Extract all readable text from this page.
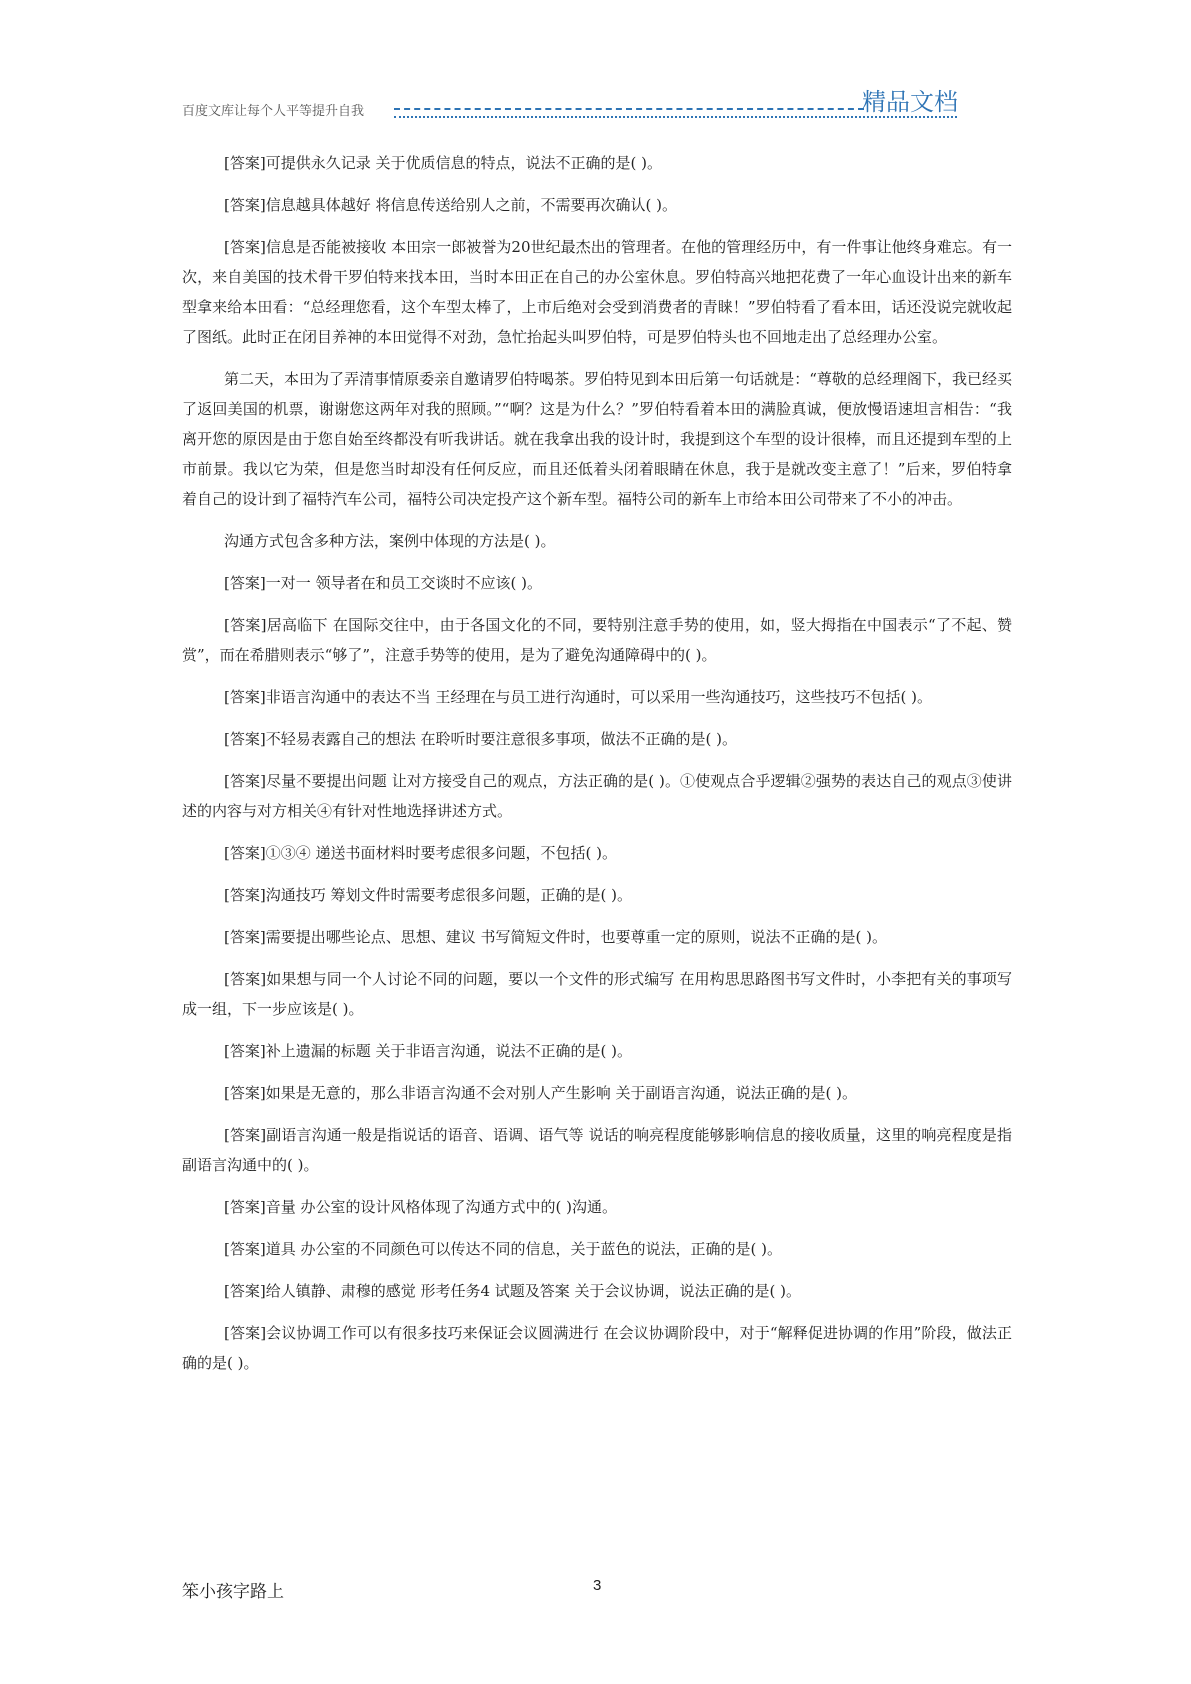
百度文库让每个人平等提升自我	精品文档

[答案]可提供永久记录 关于优质信息的特点，说法不正确的是( )。

[答案]信息越具体越好 将信息传送给别人之前，不需要再次确认( )。

[答案]信息是否能被接收 本田宗一郎被誉为20世纪最杰出的管理者。在他的管理经历中，有一件事让他终身难忘。有一次，来自美国的技术骨干罗伯特来找本田，当时本田正在自己的办公室休息。罗伯特高兴地把花费了一年心血设计出来的新车型拿来给本田看：“总经理您看，这个车型太棒了，上市后绝对会受到消费者的青睐！”罗伯特看了看本田，话还没说完就收起了图纸。此时正在闭目养神的本田觉得不对劲，急忙抬起头叫罗伯特，可是罗伯特头也不回地走出了总经理办公室。

第二天，本田为了弄清事情原委亲自邀请罗伯特喝茶。罗伯特见到本田后第一句话就是：“尊敬的总经理阁下，我已经买了返回美国的机票，谢谢您这两年对我的照顾。”“啊？这是为什么？”罗伯特看着本田的满脸真诚，便放慢语速坦言相告：“我离开您的原因是由于您自始至终都没有听我讲话。就在我拿出我的设计时，我提到这个车型的设计很棒，而且还提到车型的上市前景。我以它为荣，但是您当时却没有任何反应，而且还低着头闭着眼睛在休息，我于是就改变主意了！”后来，罗伯特拿着自己的设计到了福特汽车公司，福特公司决定投产这个新车型。福特公司的新车上市给本田公司带来了不小的冲击。

沟通方式包含多种方法，案例中体现的方法是( )。

[答案]一对一 领导者在和员工交谈时不应该( )。

[答案]居高临下 在国际交往中，由于各国文化的不同，要特别注意手势的使用，如，竖大拇指在中国表示“了不起、赞赏”，而在希腊则表示“够了”，注意手势等的使用，是为了避免沟通障碍中的( )。

[答案]非语言沟通中的表达不当 王经理在与员工进行沟通时，可以采用一些沟通技巧，这些技巧不包括( )。

[答案]不轻易表露自己的想法 在聆听时要注意很多事项，做法不正确的是( )。

[答案]尽量不要提出问题 让对方接受自己的观点，方法正确的是( )。①使观点合乎逻辑②强势的表达自己的观点③使讲述的内容与对方相关④有针对性地选择讲述方式。

[答案]①③④ 递送书面材料时要考虑很多问题，不包括( )。

[答案]沟通技巧 筹划文件时需要考虑很多问题，正确的是( )。

[答案]需要提出哪些论点、思想、建议 书写简短文件时，也要尊重一定的原则，说法不正确的是( )。

[答案]如果想与同一个人讨论不同的问题，要以一个文件的形式编写 在用构思思路图书写文件时，小李把有关的事项写成一组，下一步应该是( )。

[答案]补上遗漏的标题 关于非语言沟通，说法不正确的是( )。

[答案]如果是无意的，那么非语言沟通不会对别人产生影响 关于副语言沟通，说法正确的是( )。

[答案]副语言沟通一般是指说话的语音、语调、语气等 说话的响亮程度能够影响信息的接收质量，这里的响亮程度是指副语言沟通中的( )。

[答案]音量 办公室的设计风格体现了沟通方式中的( )沟通。

[答案]道具 办公室的不同颜色可以传达不同的信息，关于蓝色的说法，正确的是( )。

[答案]给人镇静、肃穆的感觉 形考任务4 试题及答案 关于会议协调，说法正确的是( )。

[答案]会议协调工作可以有很多技巧来保证会议圆满进行 在会议协调阶段中，对于“解释促进协调的作用”阶段，做法正确的是( )。

笨小孩字路上	3
